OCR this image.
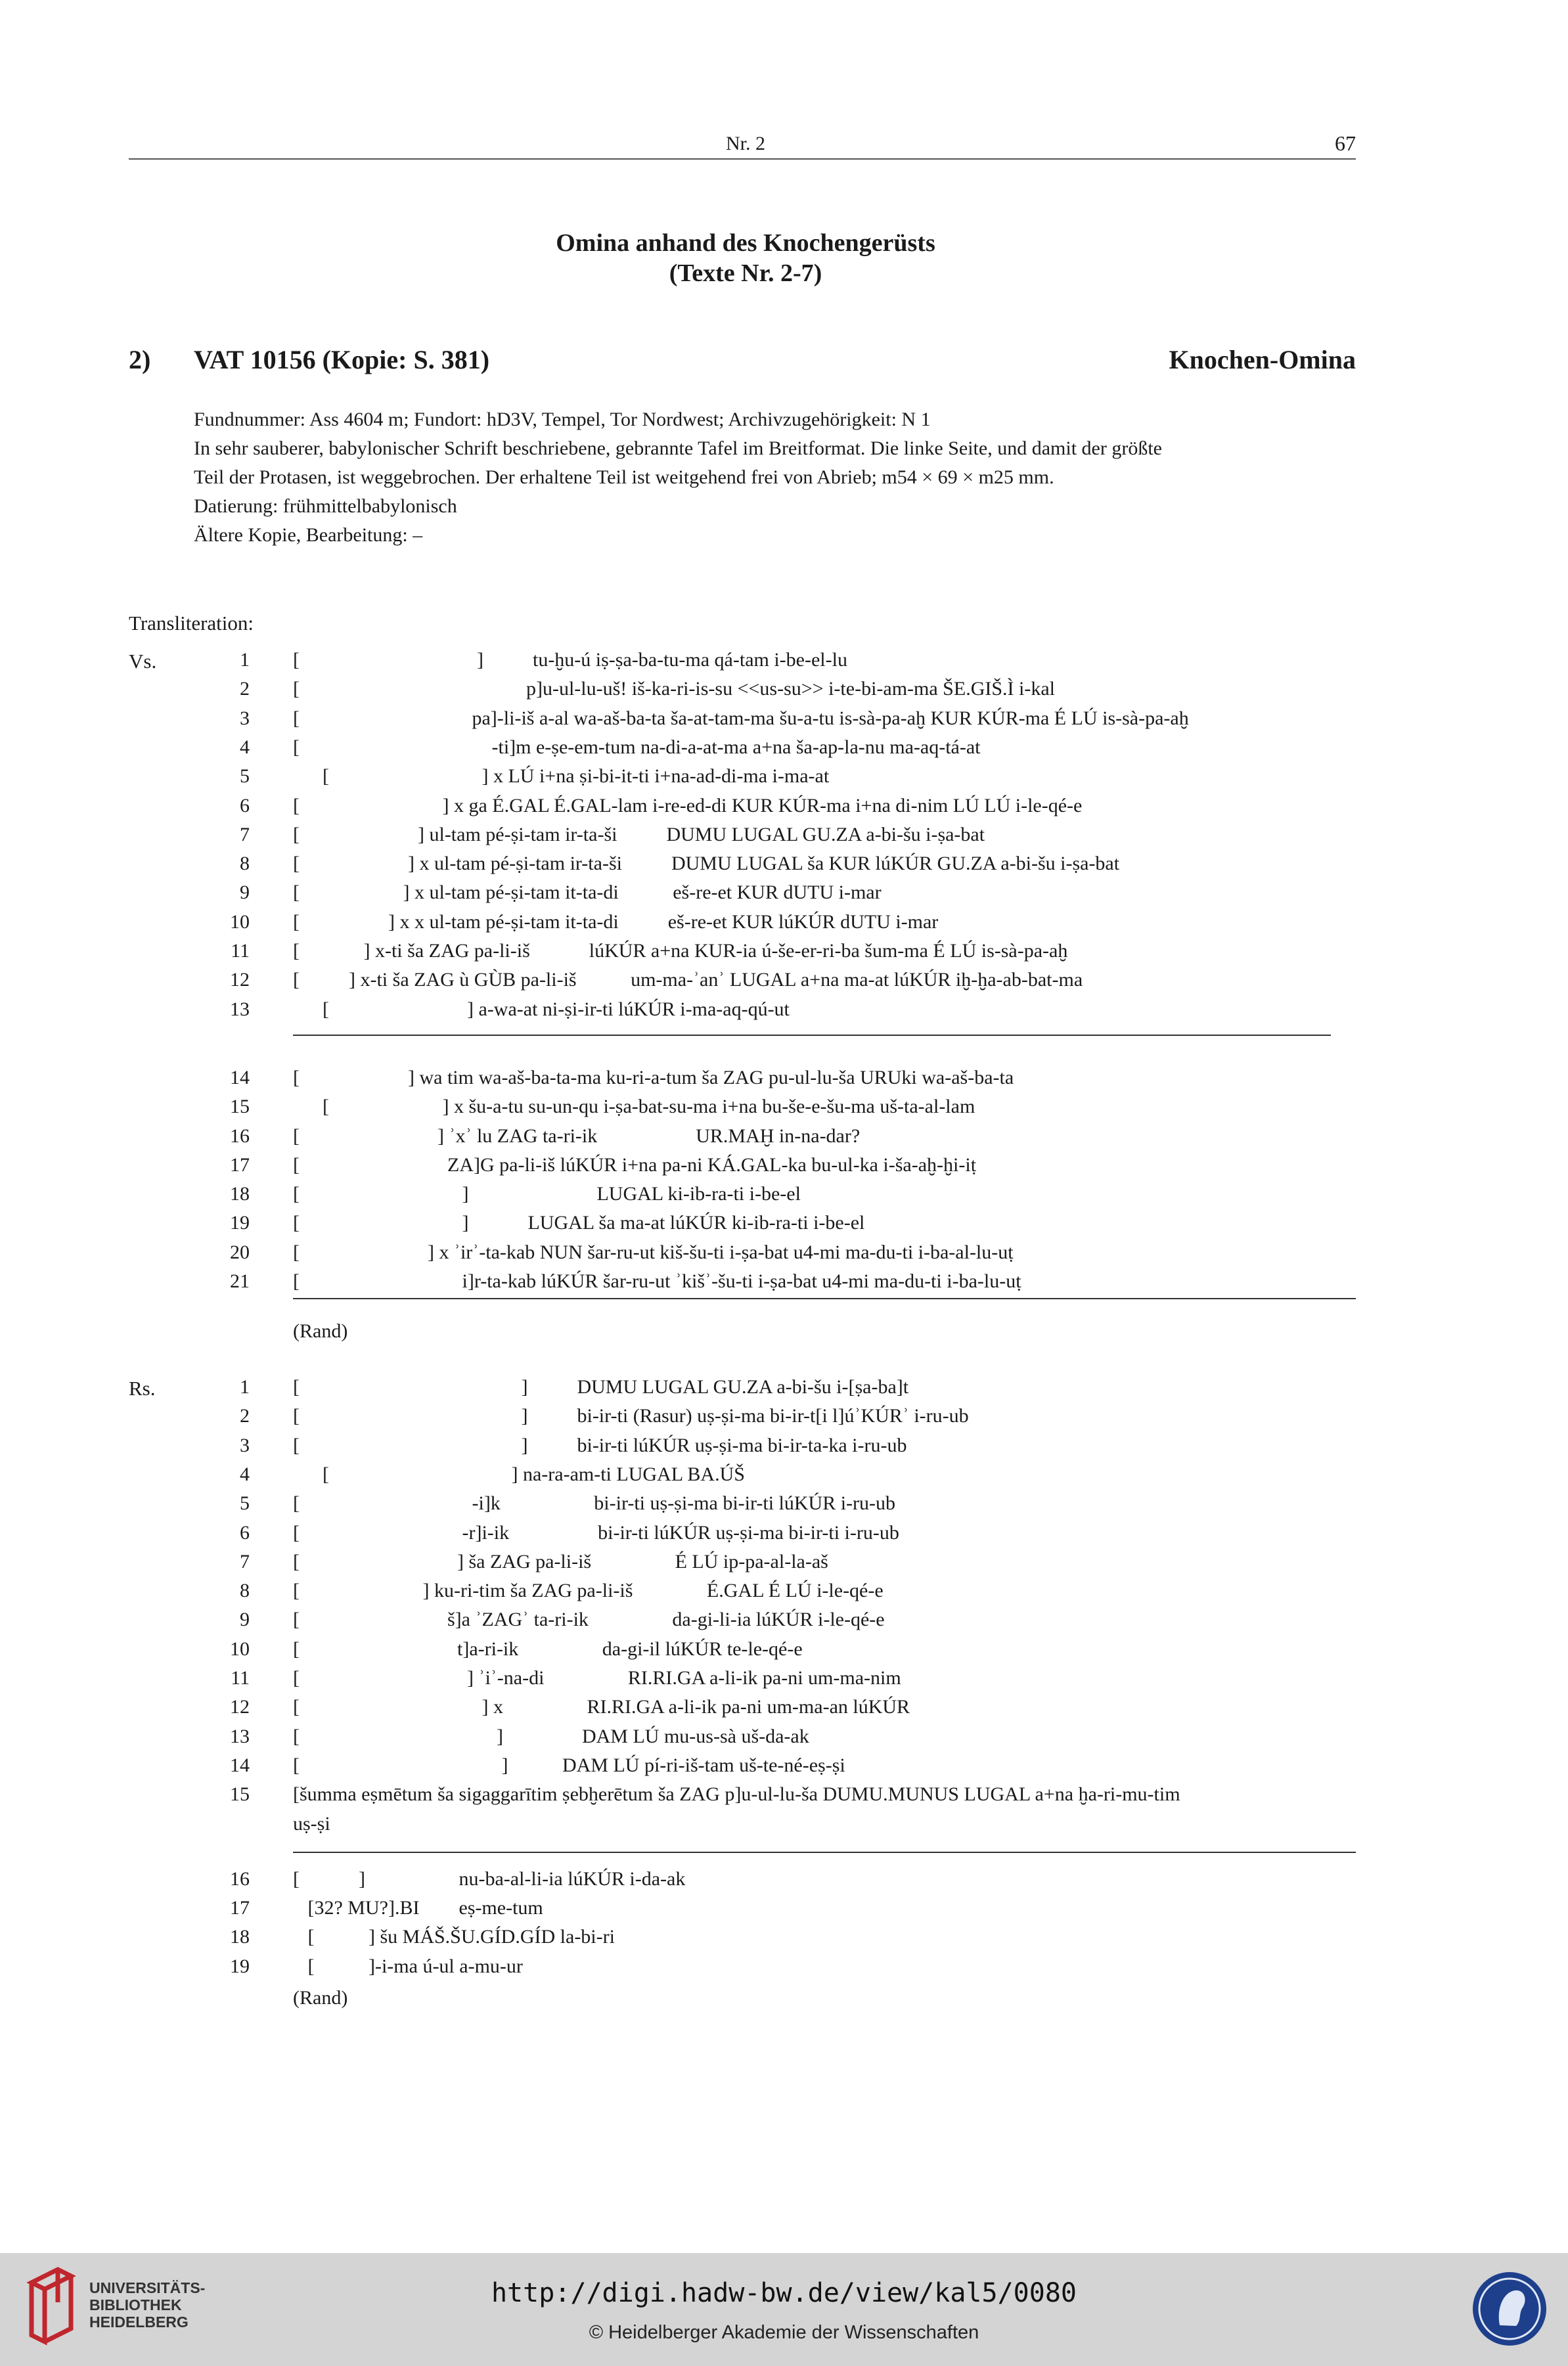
Nr. 2	67
Omina anhand des Knochengerüsts
(Texte Nr. 2-7)
2) VAT 10156 (Kopie: S. 381)	Knochen-Omina
Fundnummer: Ass 4604 m; Fundort: hD3V, Tempel, Tor Nordwest; Archivzugehörigkeit: N 1
In sehr sauberer, babylonischer Schrift beschriebene, gebrannte Tafel im Breitformat. Die linke Seite, und damit der größte
Teil der Protasen, ist weggebrochen. Der erhaltene Teil ist weitgehend frei von Abrieb; m54 × 69 × m25 mm.
Datierung: frühmittelbabylonisch
Ältere Kopie, Bearbeitung: –
Transliteration:
Vs.	1 [                                    ]          tu-ḫu-ú iṣ-ṣa-ba-tu-ma qá-tam i-be-el-lu
2 [                                              p]u-ul-lu-uš! iš-ka-ri-is-su <<us-su>> i-te-bi-am-ma ŠE.GIŠ.Ì i-kal
3 [                                   pa]-li-iš a-al wa-aš-ba-ta ša-at-tam-ma šu-a-tu is-sà-pa-aḫ KUR KÚR-ma É LÚ is-sà-pa-aḫ
4 [                                       -ti]m e-ṣe-em-tum na-di-a-at-ma a+na ša-ap-la-nu ma-aq-tá-at
5 [                               ] x LÚ i+na ṣi-bi-it-ti i+na-ad-di-ma i-ma-at
6 [                             ] x ga É.GAL É.GAL-lam i-re-ed-di KUR KÚR-ma i+na di-nim LÚ LÚ i-le-qé-e
7 [                        ] ul-tam pé-ṣi-tam ir-ta-ši          DUMU LUGAL GU.ZA a-bi-šu i-ṣa-bat
8 [                      ] x ul-tam pé-ṣi-tam ir-ta-ši          DUMU LUGAL ša KUR lúKÚR GU.ZA a-bi-šu i-ṣa-bat
9 [                     ] x ul-tam pé-ṣi-tam it-ta-di           eš-re-et KUR dUTU i-mar
10 [                  ] x x ul-tam pé-ṣi-tam it-ta-di          eš-re-et KUR lúKÚR dUTU i-mar
11 [             ] x-ti ša ZAG pa-li-iš            lúKÚR a+na KUR-ia ú-še-er-ri-ba šum-ma É LÚ is-sà-pa-aḫ
12 [          ] x-ti ša ZAG ù GÙB pa-li-iš           um-ma-ʾanʾ LUGAL a+na ma-at lúKÚR iḫ-ḫa-ab-bat-ma
13 [                            ] a-wa-at ni-ṣi-ir-ti lúKÚR i-ma-aq-qú-ut
14 [                      ] wa tim wa-aš-ba-ta-ma ku-ri-a-tum ša ZAG pu-ul-lu-ša URUki wa-aš-ba-ta
15 [                       ] x šu-a-tu su-un-qu i-ṣa-bat-su-ma i+na bu-še-e-šu-ma uš-ta-al-lam
16 [                            ] ʾxʾ lu ZAG ta-ri-ik                    UR.MAḪ in-na-dar?
17 [                              ZA]G pa-li-iš lúKÚR i+na pa-ni KÁ.GAL-ka bu-ul-ka i-ša-aḫ-ḫi-iṭ
18 [                                 ]                          LUGAL ki-ib-ra-ti i-be-el
19 [                                 ]            LUGAL ša ma-at lúKÚR ki-ib-ra-ti i-be-el
20 [                          ] x ʾirʾ-ta-kab NUN šar-ru-ut kiš-šu-ti i-ṣa-bat u4-mi ma-du-ti i-ba-al-lu-uṭ
21 [                                 i]r-ta-kab lúKÚR šar-ru-ut ʾkišʾ-šu-ti i-ṣa-bat u4-mi ma-du-ti i-ba-lu-uṭ
(Rand)
Rs.	1 [                                             ]          DUMU LUGAL GU.ZA a-bi-šu i-[ṣa-ba]t
2 [                                             ]          bi-ir-ti (Rasur) uṣ-ṣi-ma bi-ir-t[i l]úʾKÚRʾ i-ru-ub
3 [                                             ]          bi-ir-ti lúKÚR uṣ-ṣi-ma bi-ir-ta-ka i-ru-ub
4 [                                     ] na-ra-am-ti LUGAL BA.ÚŠ
5 [                                   -i]k                   bi-ir-ti uṣ-ṣi-ma bi-ir-ti lúKÚR i-ru-ub
6 [                                 -r]i-ik                  bi-ir-ti lúKÚR uṣ-ṣi-ma bi-ir-ti i-ru-ub
7 [                                ] ša ZAG pa-li-iš                 É LÚ ip-pa-al-la-aš
8 [                         ] ku-ri-tim ša ZAG pa-li-iš               É.GAL É LÚ i-le-qé-e
9 [                              š]a ʾZAGʾ ta-ri-ik                 da-gi-li-ia lúKÚR i-le-qé-e
10 [                                t]a-ri-ik                 da-gi-il lúKÚR te-le-qé-e
11 [                                  ] ʾiʾ-na-di                 RI.RI.GA a-li-ik pa-ni um-ma-nim
12 [                                     ] x                 RI.RI.GA a-li-ik pa-ni um-ma-an lúKÚR
13 [                                        ]                DAM LÚ mu-us-sà uš-da-ak
14 [                                         ]           DAM LÚ pí-ri-iš-tam uš-te-né-eṣ-ṣi
15 [šumma eṣmētum ša sigaggarītim ṣebḫerētum ša ZAG p]u-ul-lu-ša DUMU.MUNUS LUGAL a+na ḫa-ri-mu-tim
uṣ-ṣi
16 [            ]                   nu-ba-al-li-ia lúKÚR i-da-ak
17 [32? MU?].BI        eṣ-me-tum
18 [           ] šu MÁŠ.ŠU.GÍD.GÍD la-bi-ri
19 [           ]-i-ma ú-ul a-mu-ur
(Rand)
UNIVERSITÄTS-
BIBLIOTHEK
HEIDELBERG
http://digi.hadw-bw.de/view/kal5/0080
© Heidelberger Akademie der Wissenschaften
